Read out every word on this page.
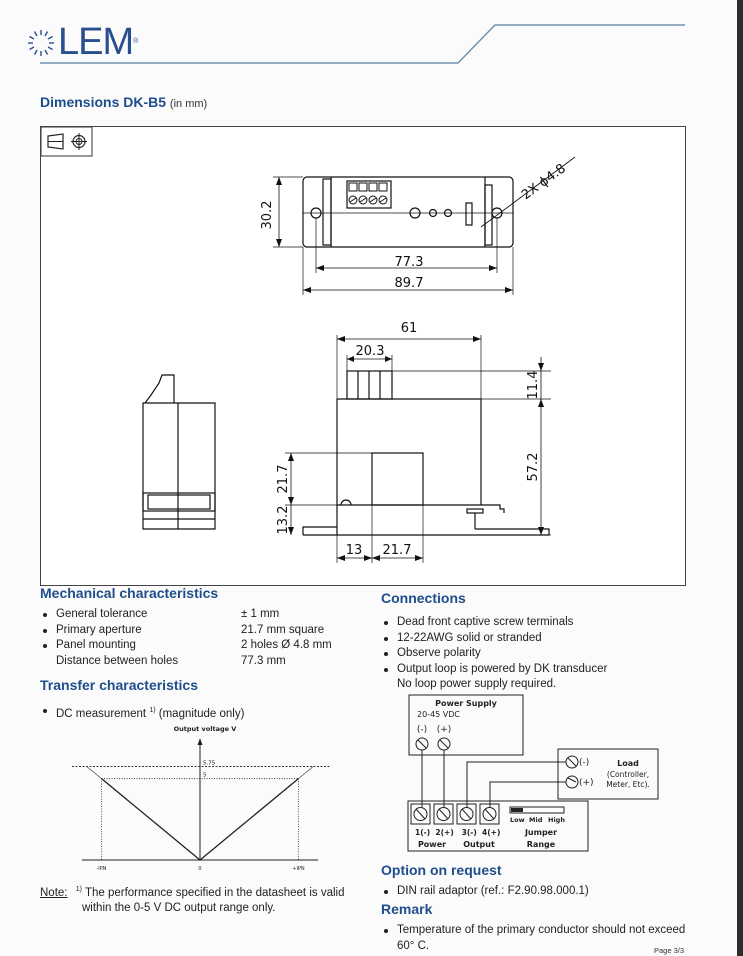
LEM®
Dimensions DK-B5 (in mm)
30.2
77.3
89.7
2X ϕ4.8
61
20.3
11.4
57.2
21.7
13.2
13 21.7
Mechanical characteristics
General tolerance	± 1 mm
Primary aperture	21.7 mm square
Panel mounting	2 holes Ø 4.8 mm
Distance between holes	77.3 mm
Transfer characteristics
DC measurement $^{1)}$ (magnitude only)
Output voltage V
5.75
5
-IPN	0	+IPN
Note: $^{1)}$ The performance specified in the datasheet is valid
within the 0-5 V DC output range only.
Connections
Dead front captive screw terminals
12-22AWG solid or stranded
Observe polarity
Output loop is powered by DK transducer
No loop power supply required.
Power Supply
20-45 VDC
(-) (+)
(-)
(+)
Load
(Controller,
Meter, Etc).
Low Mid High
1(-)  2(+)   3(-)  4(+)
Power Output
Jumper
Range
Option on request
DIN rail adaptor (ref.: F2.90.98.000.1)
Remark
Temperature of the primary conductor should not exceed
60° C.	Page 3/3
